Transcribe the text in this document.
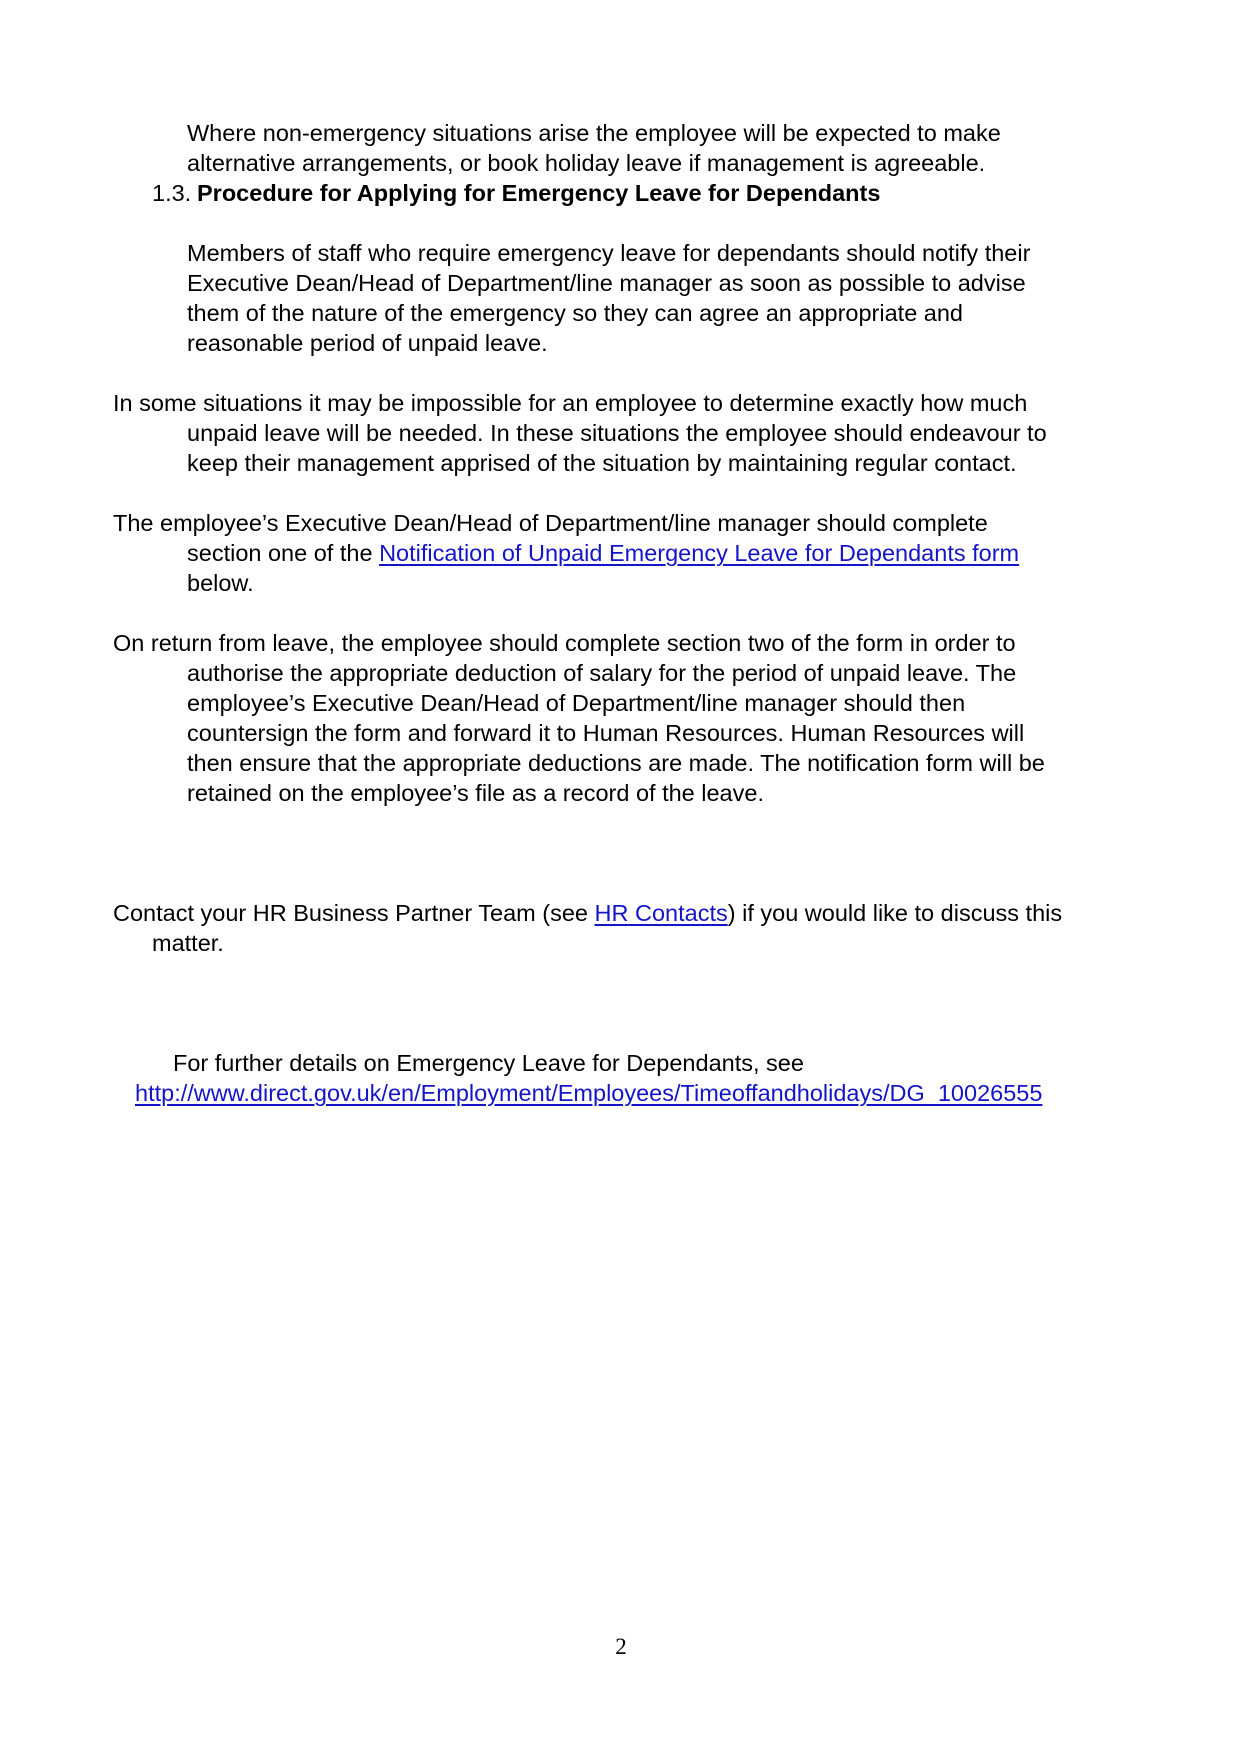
Where non-emergency situations arise the employee will be expected to make
alternative arrangements, or book holiday leave if management is agreeable.
1.3. Procedure for Applying for Emergency Leave for Dependants
Members of staff who require emergency leave for dependants should notify their
Executive Dean/Head of Department/line manager as soon as possible to advise
them of the nature of the emergency so they can agree an appropriate and
reasonable period of unpaid leave.
In some situations it may be impossible for an employee to determine exactly how much
unpaid leave will be needed. In these situations the employee should endeavour to
keep their management apprised of the situation by maintaining regular contact.
The employee’s Executive Dean/Head of Department/line manager should complete
section one of the Notification of Unpaid Emergency Leave for Dependants form
below.
On return from leave, the employee should complete section two of the form in order to
authorise the appropriate deduction of salary for the period of unpaid leave. The
employee’s Executive Dean/Head of Department/line manager should then
countersign the form and forward it to Human Resources. Human Resources will
then ensure that the appropriate deductions are made. The notification form will be
retained on the employee’s file as a record of the leave.
Contact your HR Business Partner Team (see HR Contacts) if you would like to discuss this
matter.
For further details on Emergency Leave for Dependants, see
http://www.direct.gov.uk/en/Employment/Employees/Timeoffandholidays/DG_10026555
2
